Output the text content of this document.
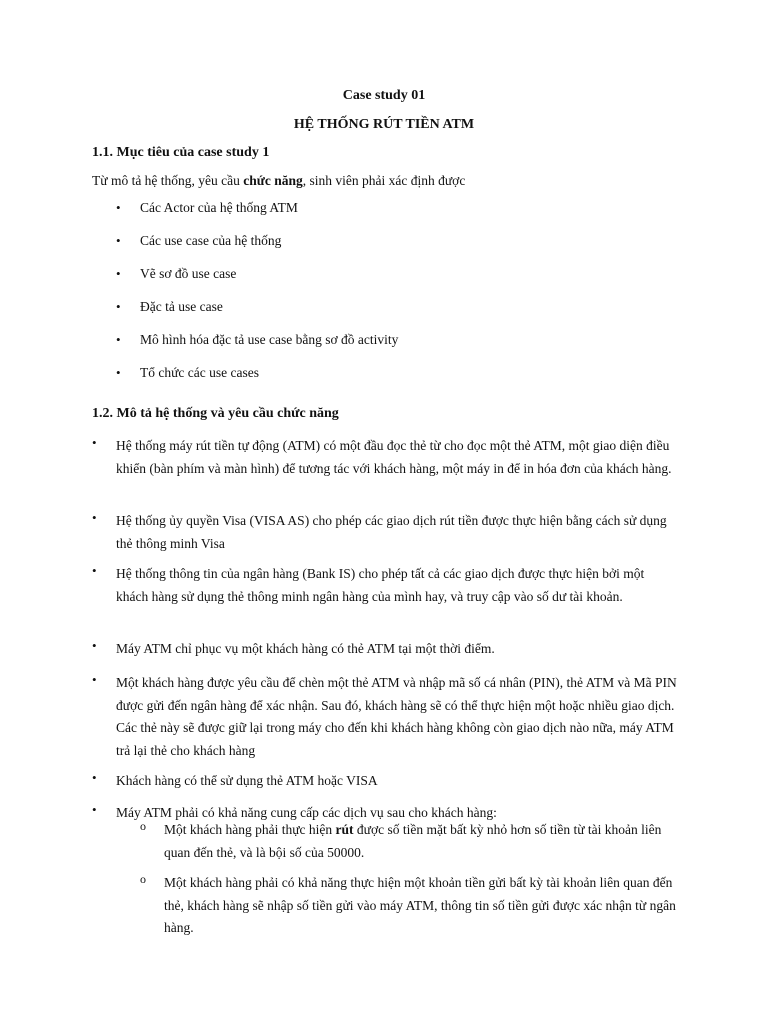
Case study 01
HỆ THỐNG RÚT TIỀN ATM
1.1. Mục tiêu của case study 1
Từ mô tả hệ thống, yêu cầu chức năng, sinh viên phải xác định được
• Các Actor của hệ thống ATM
• Các use case của hệ thống
• Vẽ sơ đồ use case
• Đặc tả use case
• Mô hình hóa đặc tả use case bằng sơ đồ activity
• Tổ chức các use cases
1.2. Mô tả hệ thống và yêu cầu chức năng
• Hệ thống máy rút tiền tự động (ATM) có một đầu đọc thẻ từ cho đọc một thẻ ATM, một giao diện điều khiển (bàn phím và màn hình) để tương tác với khách hàng, một máy in để in hóa đơn của khách hàng.
• Hệ thống ủy quyền Visa (VISA AS) cho phép các giao dịch rút tiền được thực hiện bằng cách sử dụng thẻ thông minh Visa
• Hệ thống thông tin của ngân hàng (Bank IS) cho phép tất cả các giao dịch được thực hiện bởi một khách hàng sử dụng thẻ thông minh ngân hàng của mình hay, và truy cập vào số dư tài khoản.
• Máy ATM chỉ phục vụ một khách hàng có thẻ ATM tại một thời điểm.
• Một khách hàng được yêu cầu để chèn một thẻ ATM và nhập mã số cá nhân (PIN), thẻ ATM và Mã PIN được gửi đến ngân hàng để xác nhận. Sau đó, khách hàng sẽ có thể thực hiện một hoặc nhiều giao dịch. Các thẻ này sẽ được giữ lại trong máy cho đến khi khách hàng không còn giao dịch nào nữa, máy ATM trả lại thẻ cho khách hàng
• Khách hàng có thể sử dụng thẻ ATM hoặc VISA
• Máy ATM phải có khả năng cung cấp các dịch vụ sau cho khách hàng:
o Một khách hàng phải thực hiện rút được số tiền mặt bất kỳ nhỏ hơn số tiền từ tài khoản liên quan đến thẻ, và là bội số của 50000.
o Một khách hàng phải có khả năng thực hiện một khoản tiền gửi bất kỳ tài khoản liên quan đến thẻ, khách hàng sẽ nhập số tiền gửi vào máy ATM, thông tin số tiền gửi được xác nhận từ ngân hàng.
